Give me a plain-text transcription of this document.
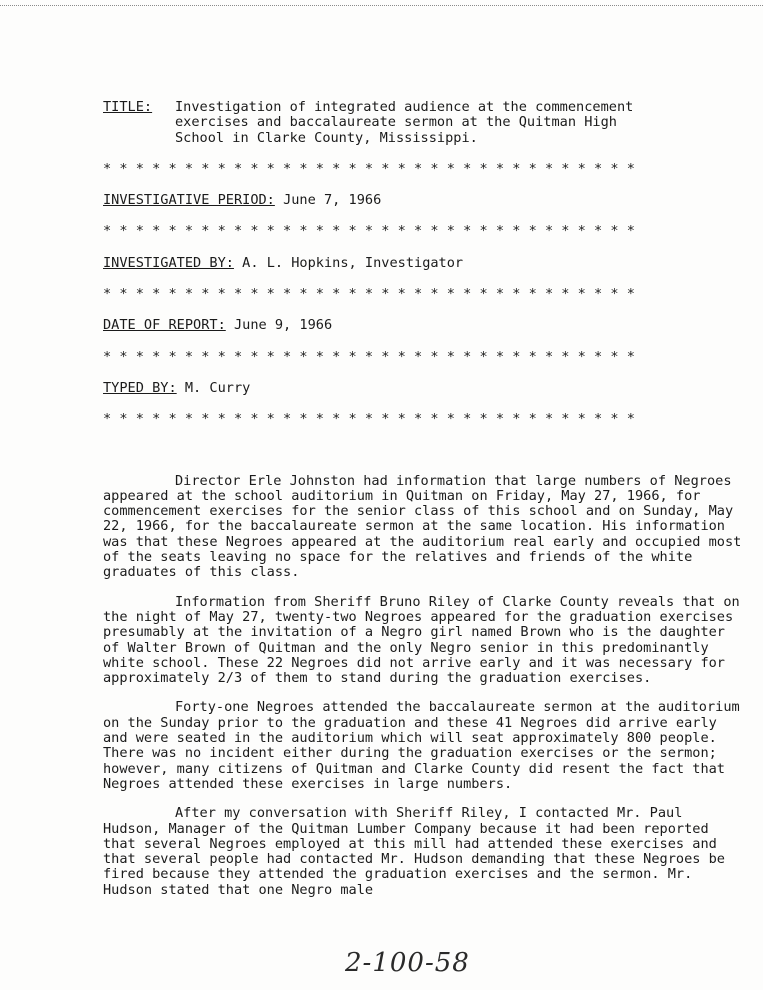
TITLE:	Investigation of integrated audience at the commencement
exercises and baccalaureate sermon at the Quitman High
School in Clarke County, Mississippi.
* * * * * * * * * * * * * * * * * * * * * * * * * * * * * * * * *
INVESTIGATIVE PERIOD: June 7, 1966
* * * * * * * * * * * * * * * * * * * * * * * * * * * * * * * * *
INVESTIGATED BY: A. L. Hopkins, Investigator
* * * * * * * * * * * * * * * * * * * * * * * * * * * * * * * * *
DATE OF REPORT: June 9, 1966
* * * * * * * * * * * * * * * * * * * * * * * * * * * * * * * * *
TYPED BY: M. Curry
* * * * * * * * * * * * * * * * * * * * * * * * * * * * * * * * *

Director Erle Johnston had information that large numbers of Negroes appeared at the school auditorium in Quitman on Friday, May 27, 1966, for commencement exercises for the senior class of this school and on Sunday, May 22, 1966, for the baccalaureate sermon at the same location. His information was that these Negroes appeared at the auditorium real early and occupied most of the seats leaving no space for the relatives and friends of the white graduates of this class.

Information from Sheriff Bruno Riley of Clarke County reveals that on the night of May 27, twenty-two Negroes appeared for the graduation exercises presumably at the invitation of a Negro girl named Brown who is the daughter of Walter Brown of Quitman and the only Negro senior in this predominantly white school. These 22 Negroes did not arrive early and it was necessary for approximately 2/3 of them to stand during the graduation exercises.

Forty-one Negroes attended the baccalaureate sermon at the auditorium on the Sunday prior to the graduation and these 41 Negroes did arrive early and were seated in the auditorium which will seat approximately 800 people. There was no incident either during the graduation exercises or the sermon; however, many citizens of Quitman and Clarke County did resent the fact that Negroes attended these exercises in large numbers.

After my conversation with Sheriff Riley, I contacted Mr. Paul Hudson, Manager of the Quitman Lumber Company because it had been reported that several Negroes employed at this mill had attended these exercises and that several people had contacted Mr. Hudson demanding that these Negroes be fired because they attended the graduation exercises and the sermon. Mr. Hudson stated that one Negro male

2-100-58
